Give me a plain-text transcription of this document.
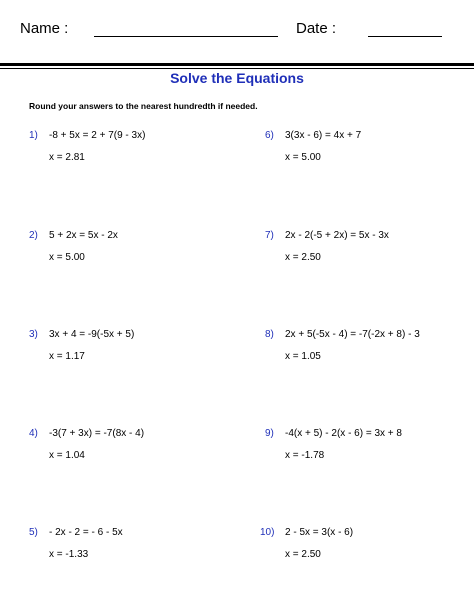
Name :	Date :
Solve the Equations
Round your answers to the nearest hundredth if needed.
1) -8 + 5x = 2 + 7(9 - 3x)
x = 2.81
2) 5 + 2x = 5x - 2x
x = 5.00
3) 3x + 4 = -9(-5x + 5)
x = 1.17
4) -3(7 + 3x) = -7(8x - 4)
x = 1.04
5) - 2x - 2 = - 6 - 5x
x = -1.33
6) 3(3x - 6) = 4x + 7
x = 5.00
7) 2x - 2(-5 + 2x) = 5x - 3x
x = 2.50
8) 2x + 5(-5x - 4) = -7(-2x + 8) - 3
x = 1.05
9) -4(x + 5) - 2(x - 6) = 3x + 8
x = -1.78
10) 2 - 5x = 3(x - 6)
x = 2.50
